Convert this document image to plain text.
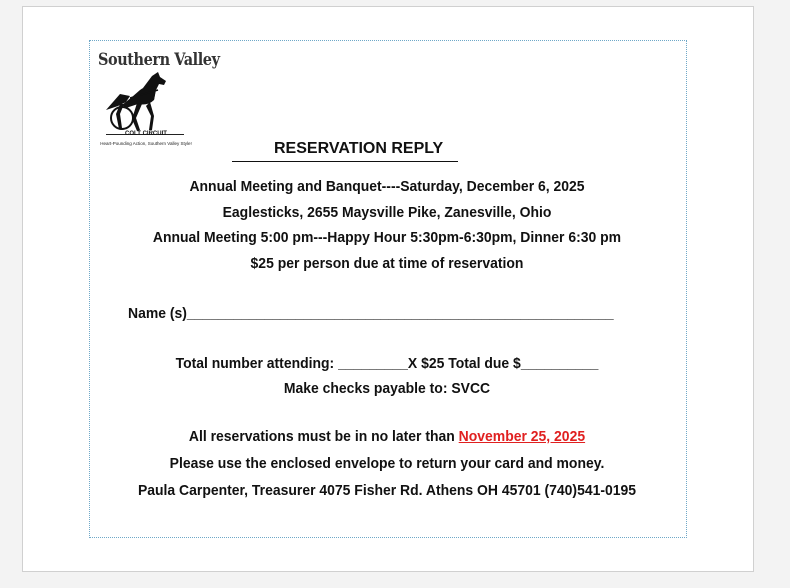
Southern Valley
COLT CIRCUIT
Heart-Pounding Action, Southern Valley Style!	RESERVATION REPLY
Annual Meeting and Banquet----Saturday, December 6, 2025
Eaglesticks, 2655 Maysville Pike, Zanesville, Ohio
Annual Meeting 5:00 pm---Happy Hour 5:30pm-6:30pm, Dinner 6:30 pm
$25 per person due at time of reservation
Name (s)_______________________________________________________
Total number attending: _________X $25 Total due $__________
Make checks payable to: SVCC
All reservations must be in no later than November 25, 2025
Please use the enclosed envelope to return your card and money.
Paula Carpenter, Treasurer 4075 Fisher Rd. Athens OH 45701 (740)541-0195
